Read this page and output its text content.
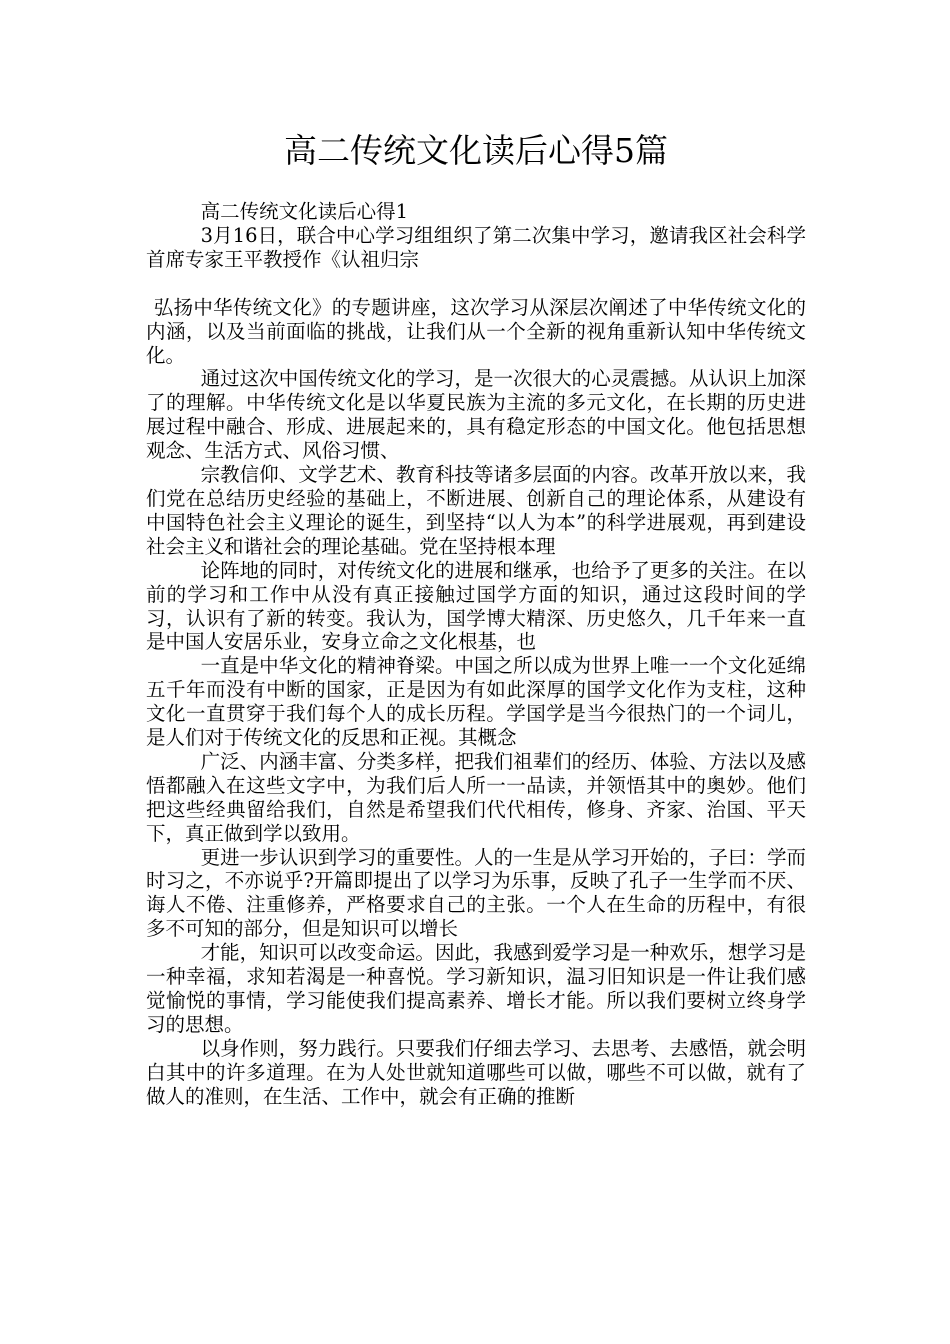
高二传统文化读后心得5篇

高二传统文化读后心得1

3月16日，联合中心学习组组织了第二次集中学习，邀请我区社会科学首席专家王平教授作《认祖归宗

弘扬中华传统文化》的专题讲座，这次学习从深层次阐述了中华传统文化的内涵，以及当前面临的挑战，让我们从一个全新的视角重新认知中华传统文化。

通过这次中国传统文化的学习，是一次很大的心灵震撼。从认识上加深了的理解。中华传统文化是以华夏民族为主流的多元文化，在长期的历史进展过程中融合、形成、进展起来的，具有稳定形态的中国文化。他包括思想观念、生活方式、风俗习惯、

宗教信仰、文学艺术、教育科技等诸多层面的内容。改革开放以来，我们党在总结历史经验的基础上，不断进展、创新自己的理论体系，从建设有中国特色社会主义理论的诞生，到坚持“以人为本”的科学进展观，再到建设社会主义和谐社会的理论基础。党在坚持根本理

论阵地的同时，对传统文化的进展和继承，也给予了更多的关注。在以前的学习和工作中从没有真正接触过国学方面的知识，通过这段时间的学习，认识有了新的转变。我认为，国学博大精深、历史悠久，几千年来一直是中国人安居乐业，安身立命之文化根基，也

一直是中华文化的精神脊梁。中国之所以成为世界上唯一一个文化延绵五千年而没有中断的国家，正是因为有如此深厚的国学文化作为支柱，这种文化一直贯穿于我们每个人的成长历程。学国学是当今很热门的一个词儿，是人们对于传统文化的反思和正视。其概念

广泛、内涵丰富、分类多样，把我们祖辈们的经历、体验、方法以及感悟都融入在这些文字中，为我们后人所一一品读，并领悟其中的奥妙。他们把这些经典留给我们，自然是希望我们代代相传，修身、齐家、治国、平天下，真正做到学以致用。

更进一步认识到学习的重要性。人的一生是从学习开始的，子曰：学而时习之，不亦说乎?开篇即提出了以学习为乐事，反映了孔子一生学而不厌、诲人不倦、注重修养，严格要求自己的主张。一个人在生命的历程中，有很多不可知的部分，但是知识可以增长

才能，知识可以改变命运。因此，我感到爱学习是一种欢乐，想学习是一种幸福，求知若渴是一种喜悦。学习新知识，温习旧知识是一件让我们感觉愉悦的事情，学习能使我们提高素养、增长才能。所以我们要树立终身学习的思想。

以身作则，努力践行。只要我们仔细去学习、去思考、去感悟，就会明白其中的许多道理。在为人处世就知道哪些可以做，哪些不可以做，就有了做人的准则，在生活、工作中，就会有正确的推断
